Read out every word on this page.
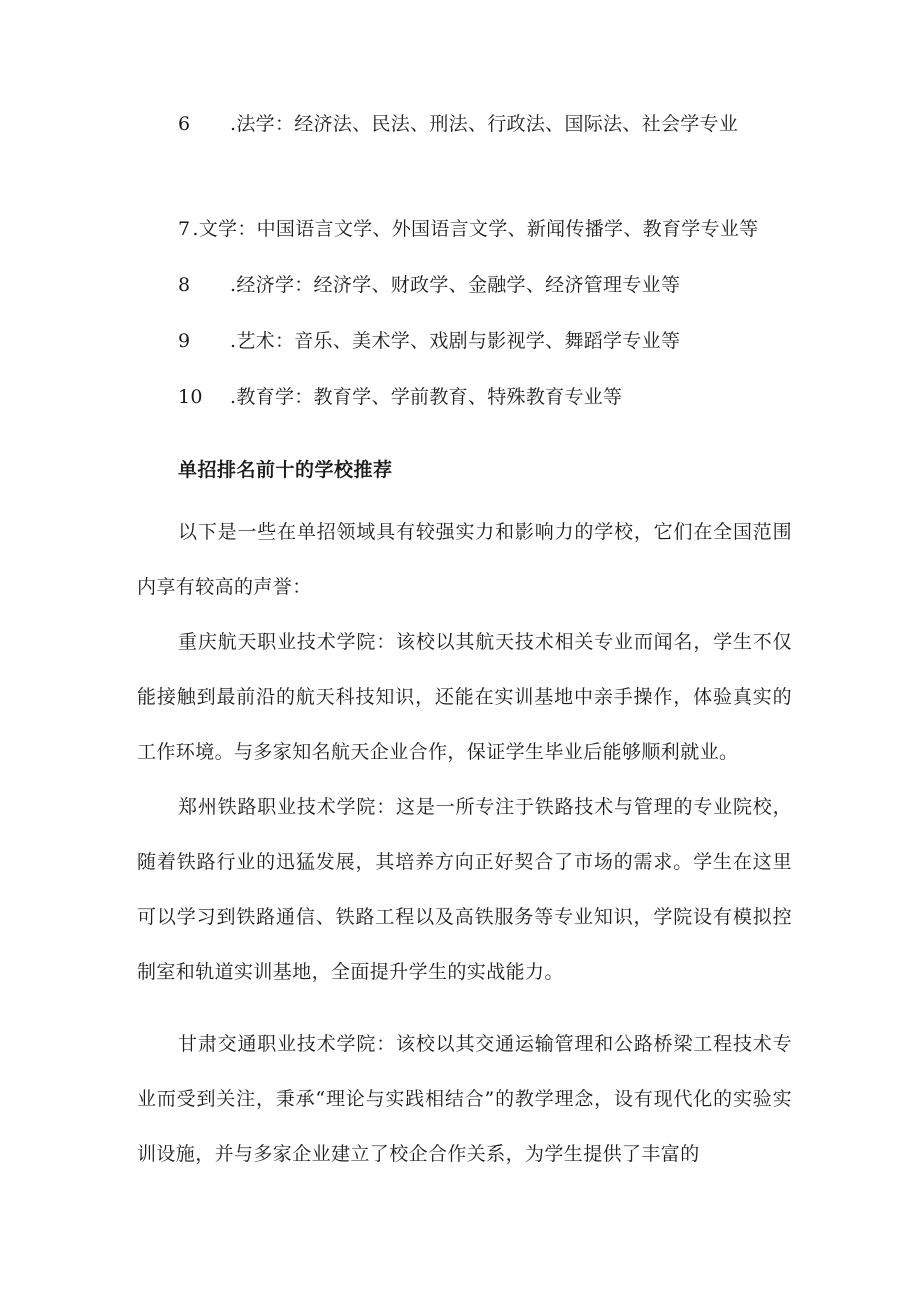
6 .法学：经济法、民法、刑法、行政法、国际法、社会学专业
7 .文学：中国语言文学、外国语言文学、新闻传播学、教育学专业等
8 .经济学：经济学、财政学、金融学、经济管理专业等
9 .艺术：音乐、美术学、戏剧与影视学、舞蹈学专业等
10 .教育学：教育学、学前教育、特殊教育专业等
单招排名前十的学校推荐

以下是一些在单招领域具有较强实力和影响力的学校，它们在全国范围内享有较高的声誉：

重庆航天职业技术学院：该校以其航天技术相关专业而闻名，学生不仅能接触到最前沿的航天科技知识，还能在实训基地中亲手操作，体验真实的工作环境。与多家知名航天企业合作，保证学生毕业后能够顺利就业。

郑州铁路职业技术学院：这是一所专注于铁路技术与管理的专业院校，随着铁路行业的迅猛发展，其培养方向正好契合了市场的需求。学生在这里可以学习到铁路通信、铁路工程以及高铁服务等专业知识，学院设有模拟控制室和轨道实训基地，全面提升学生的实战能力。

甘肃交通职业技术学院：该校以其交通运输管理和公路桥梁工程技术专业而受到关注，秉承“理论与实践相结合”的教学理念，设有现代化的实验实训设施，并与多家企业建立了校企合作关系，为学生提供了丰富的
